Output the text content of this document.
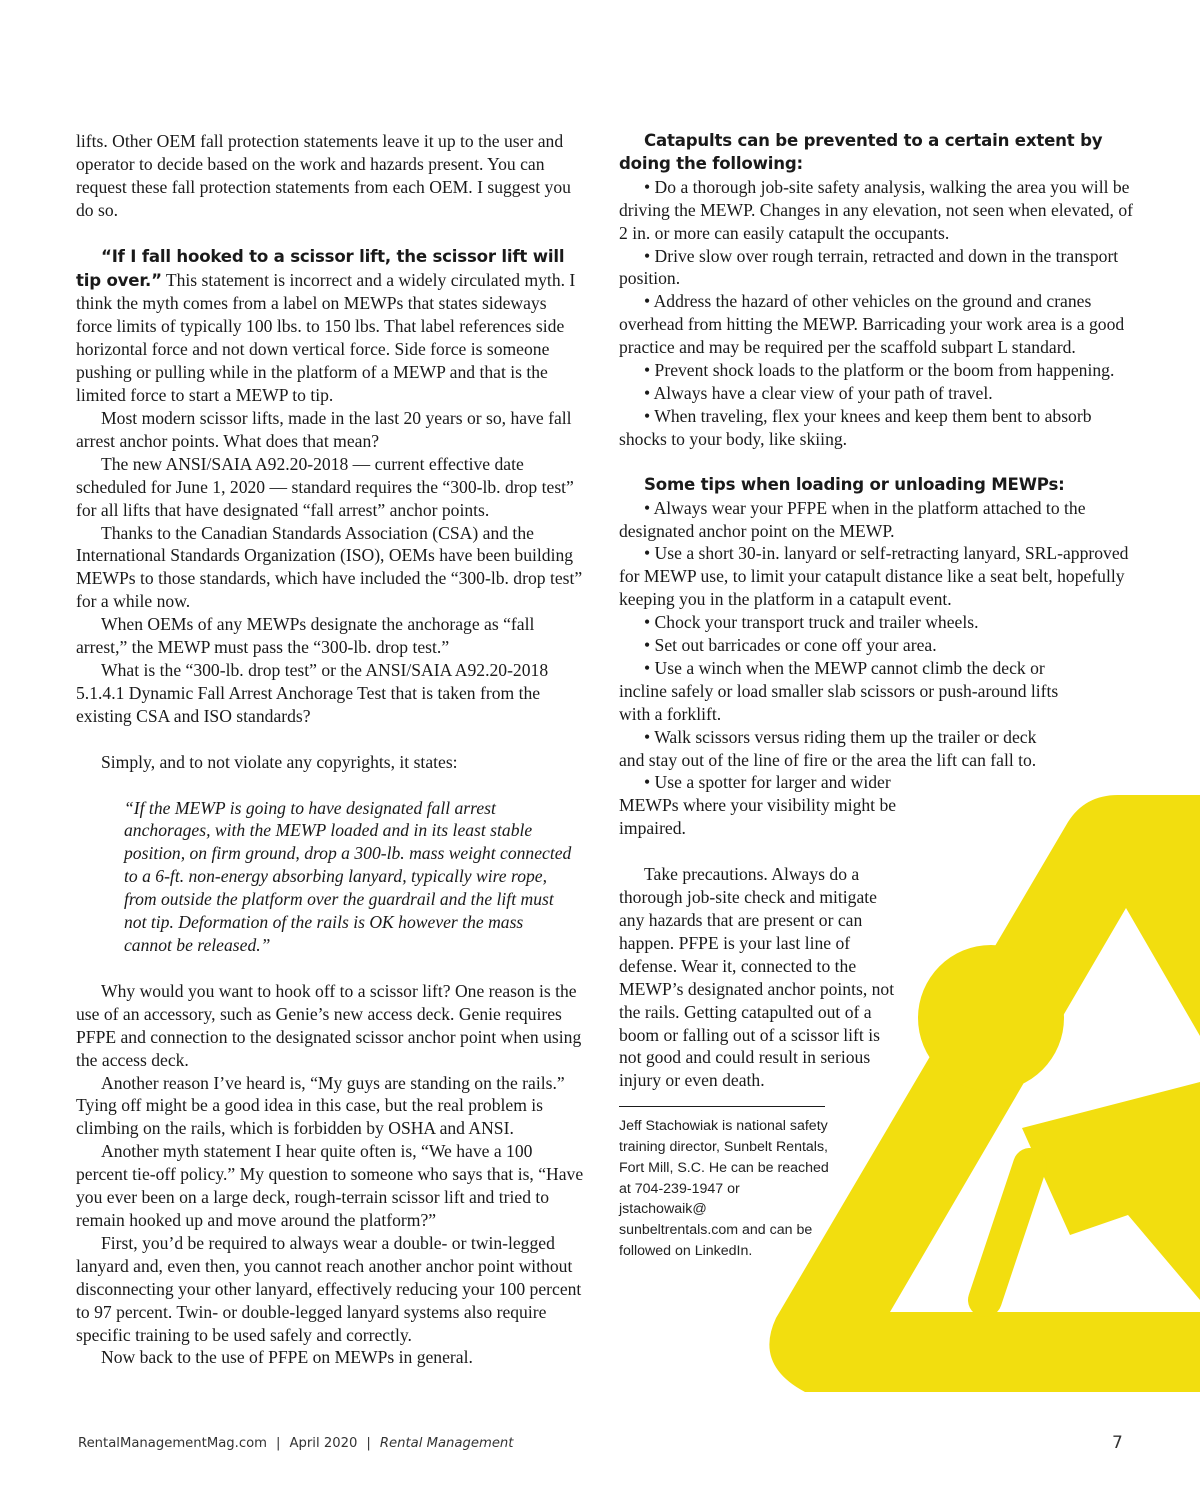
lifts. Other OEM fall protection statements leave it up to the user and operator to decide based on the work and hazards present. You can request these fall protection statements from each OEM. I suggest you do so.

“If I fall hooked to a scissor lift, the scissor lift will tip over.” This statement is incorrect and a widely circulated myth. I think the myth comes from a label on MEWPs that states sideways force limits of typically 100 lbs. to 150 lbs. That label references side horizontal force and not down vertical force. Side force is someone pushing or pulling while in the platform of a MEWP and that is the limited force to start a MEWP to tip.

Most modern scissor lifts, made in the last 20 years or so, have fall arrest anchor points. What does that mean?

The new ANSI/SAIA A92.20-2018 — current effective date scheduled for June 1, 2020 — standard requires the “300-lb. drop test” for all lifts that have designated “fall arrest” anchor points.

Thanks to the Canadian Standards Association (CSA) and the International Standards Organization (ISO), OEMs have been building MEWPs to those standards, which have included the “300-lb. drop test” for a while now.

When OEMs of any MEWPs designate the anchorage as “fall arrest,” the MEWP must pass the “300-lb. drop test.”

What is the “300-lb. drop test” or the ANSI/SAIA A92.20-2018 5.1.4.1 Dynamic Fall Arrest Anchorage Test that is taken from the existing CSA and ISO standards?

Simply, and to not violate any copyrights, it states:

“If the MEWP is going to have designated fall arrest anchorages, with the MEWP loaded and in its least stable position, on firm ground, drop a 300-lb. mass weight connected to a 6-ft. non-energy absorbing lanyard, typically wire rope, from outside the platform over the guardrail and the lift must not tip. Deformation of the rails is OK however the mass cannot be released.”

Why would you want to hook off to a scissor lift? One reason is the use of an accessory, such as Genie’s new access deck. Genie requires PFPE and connection to the designated scissor anchor point when using the access deck.

Another reason I’ve heard is, “My guys are standing on the rails.” Tying off might be a good idea in this case, but the real problem is climbing on the rails, which is forbidden by OSHA and ANSI.

Another myth statement I hear quite often is, “We have a 100 percent tie-off policy.” My question to someone who says that is, “Have you ever been on a large deck, rough-terrain scissor lift and tried to remain hooked up and move around the platform?”

First, you’d be required to always wear a double- or twin-legged lanyard and, even then, you cannot reach another anchor point without disconnecting your other lanyard, effectively reducing your 100 percent to 97 percent. Twin- or double-legged lanyard systems also require specific training to be used safely and correctly.

Now back to the use of PFPE on MEWPs in general.

Catapults can be prevented to a certain extent by doing the following:

• Do a thorough job-site safety analysis, walking the area you will be driving the MEWP. Changes in any elevation, not seen when elevated, of 2 in. or more can easily catapult the occupants.

• Drive slow over rough terrain, retracted and down in the transport position.

• Address the hazard of other vehicles on the ground and cranes overhead from hitting the MEWP. Barricading your work area is a good practice and may be required per the scaffold subpart L standard.

• Prevent shock loads to the platform or the boom from happening.

• Always have a clear view of your path of travel.

• When traveling, flex your knees and keep them bent to absorb shocks to your body, like skiing.

Some tips when loading or unloading MEWPs:

• Always wear your PFPE when in the platform attached to the designated anchor point on the MEWP.

• Use a short 30-in. lanyard or self-retracting lanyard, SRL-approved for MEWP use, to limit your catapult distance like a seat belt, hopefully keeping you in the platform in a catapult event.

• Chock your transport truck and trailer wheels.

• Set out barricades or cone off your area.

• Use a winch when the MEWP cannot climb the deck or incline safely or load smaller slab scissors or push-around lifts with a forklift.

• Walk scissors versus riding them up the trailer or deck and stay out of the line of fire or the area the lift can fall to.

• Use a spotter for larger and wider MEWPs where your visibility might be impaired.

Take precautions. Always do a thorough job-site check and mitigate any hazards that are present or can happen. PFPE is your last line of defense. Wear it, connected to the MEWP’s designated anchor points, not the rails. Getting catapulted out of a boom or falling out of a scissor lift is not good and could result in serious injury or even death.

Jeff Stachowiak is national safety training director, Sunbelt Rentals, Fort Mill, S.C. He can be reached at 704-239-1947 or jstachowaik@ sunbeltrentals.com and can be followed on LinkedIn.

RentalManagementMag.com | April 2020 | Rental Management	7
